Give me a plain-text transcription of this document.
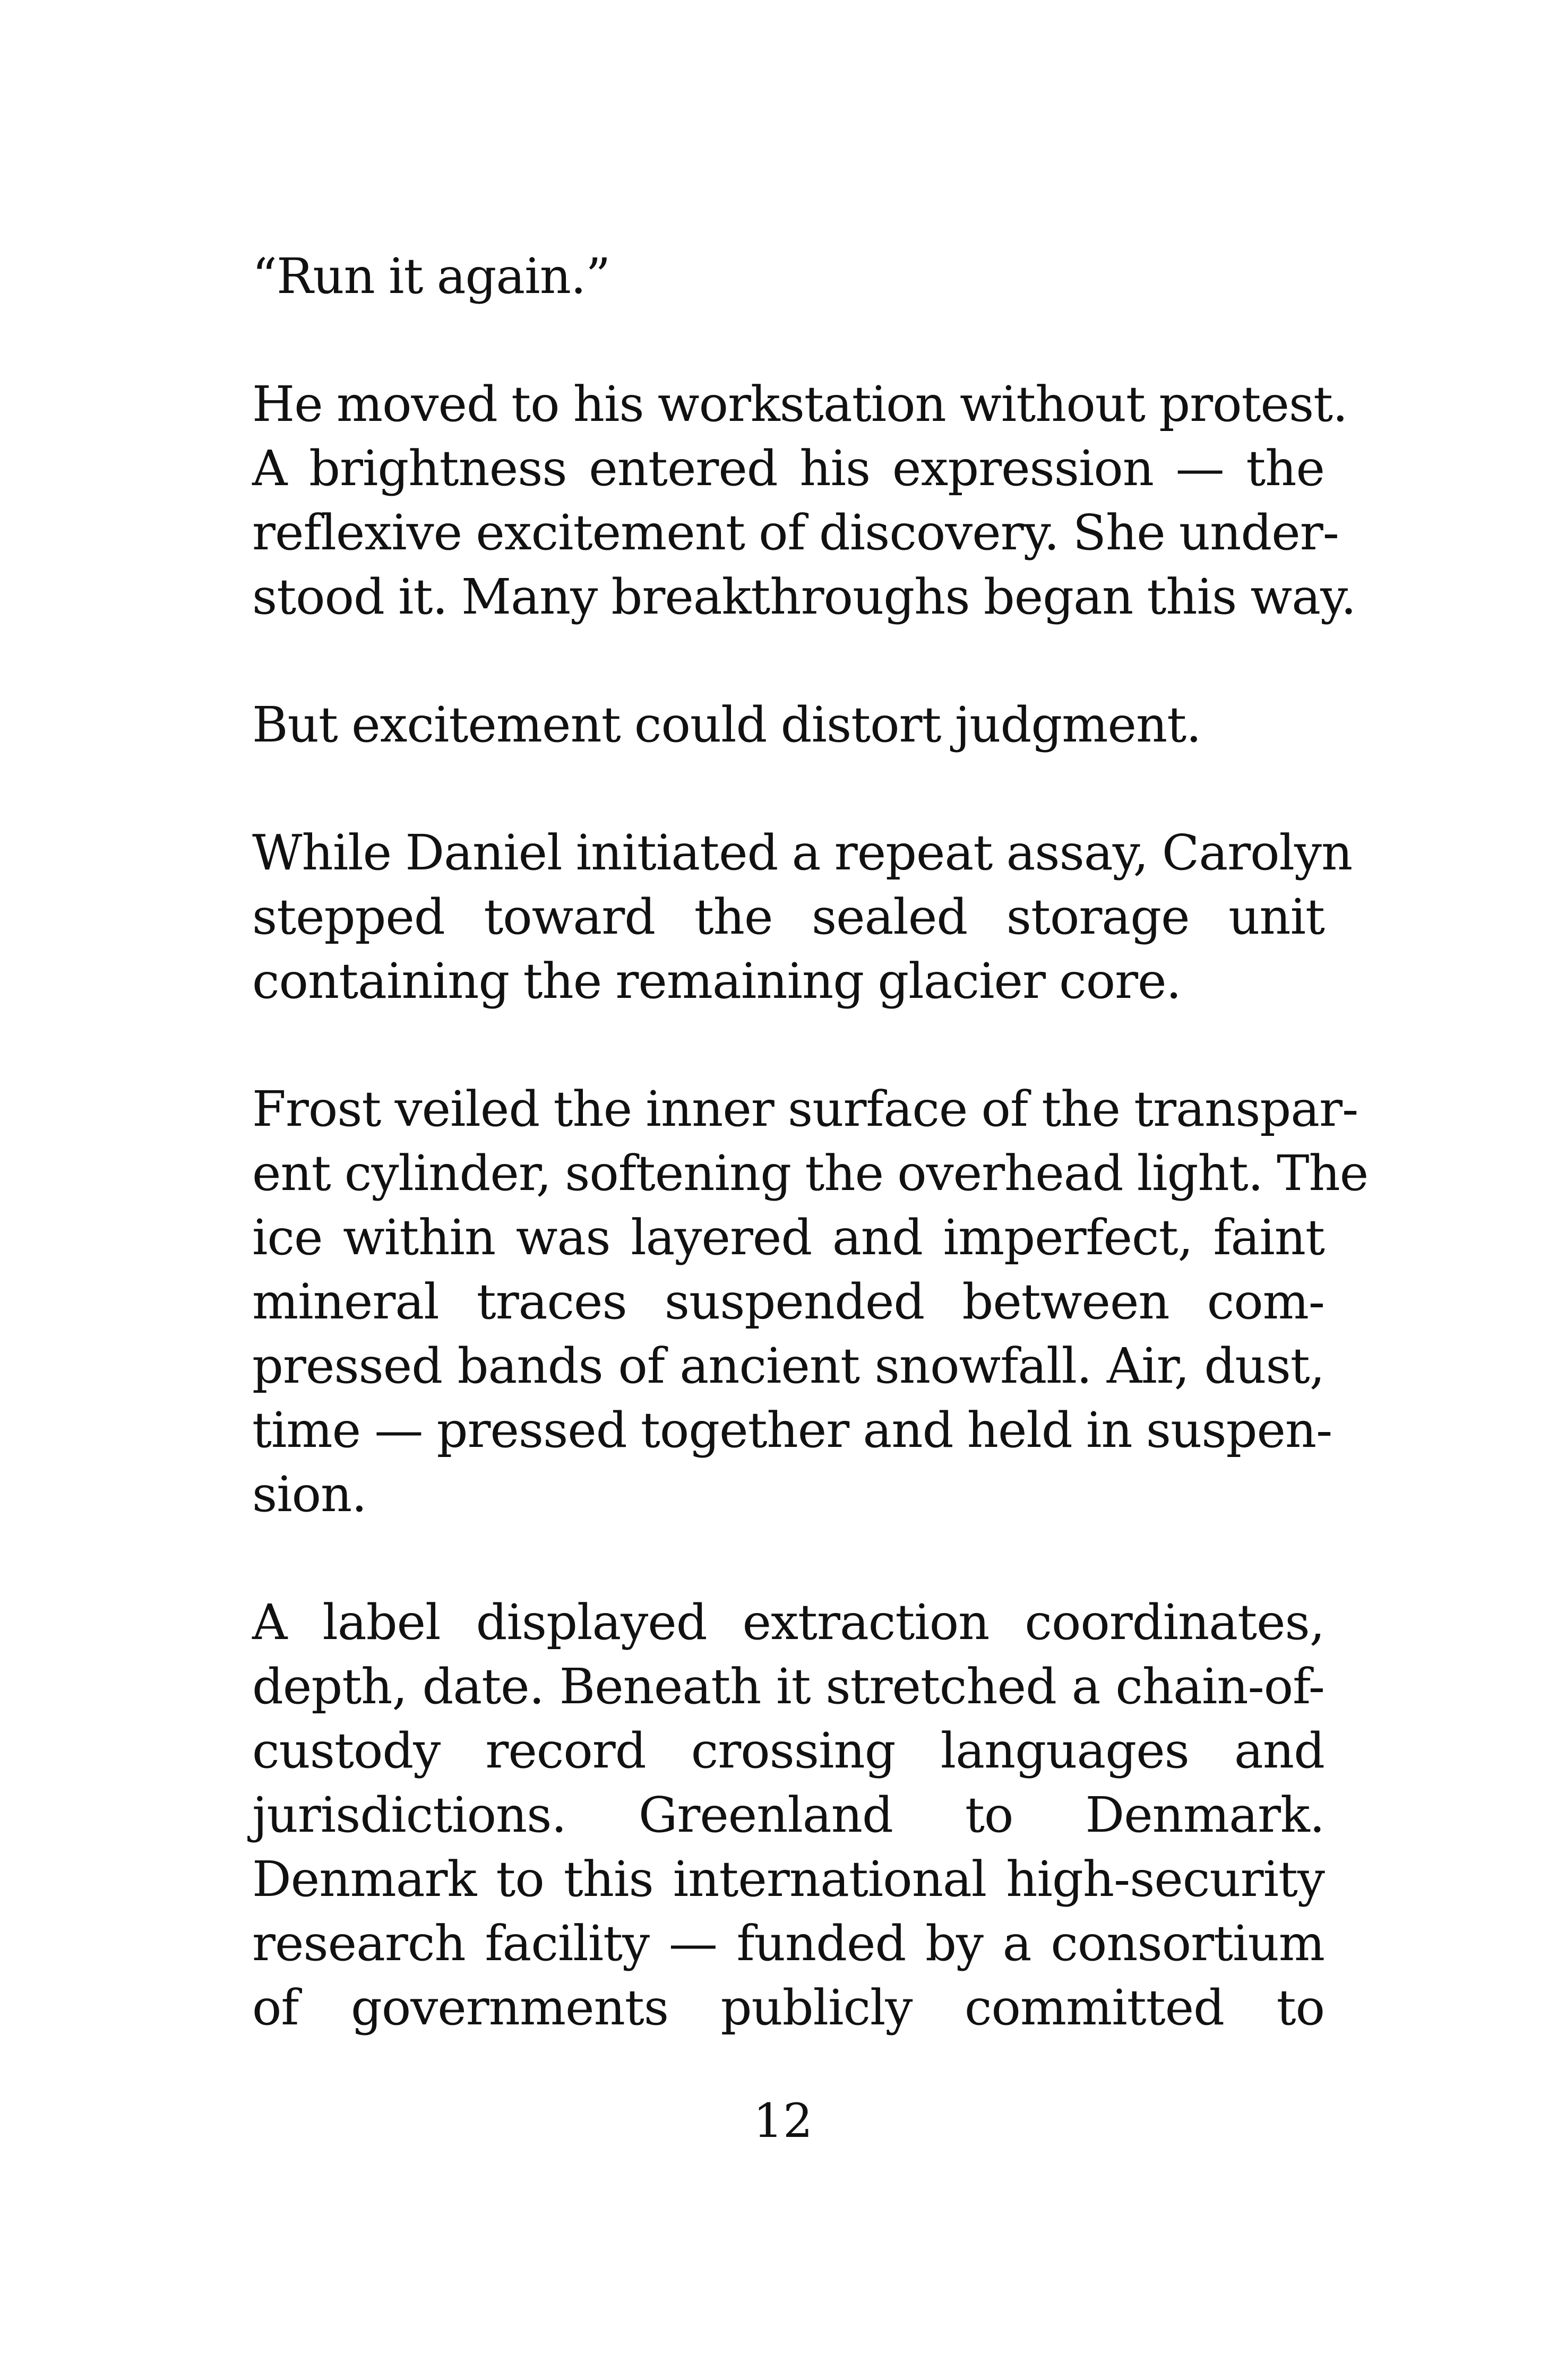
“Run it again.”

He moved to his workstation without protest.
A brightness entered his expression — the
reflexive excitement of discovery. She under-
stood it. Many breakthroughs began this way.

But excitement could distort judgment.

While Daniel initiated a repeat assay, Carolyn
stepped toward the sealed storage unit
containing the remaining glacier core.

Frost veiled the inner surface of the transpar-
ent cylinder, softening the overhead light. The
ice within was layered and imperfect, faint
mineral traces suspended between com-
pressed bands of ancient snowfall. Air, dust,
time — pressed together and held in suspen-
sion.

A label displayed extraction coordinates,
depth, date. Beneath it stretched a chain-of-
custody record crossing languages and
jurisdictions. Greenland to Denmark.
Denmark to this international high-security
research facility — funded by a consortium
of governments publicly committed to

12
